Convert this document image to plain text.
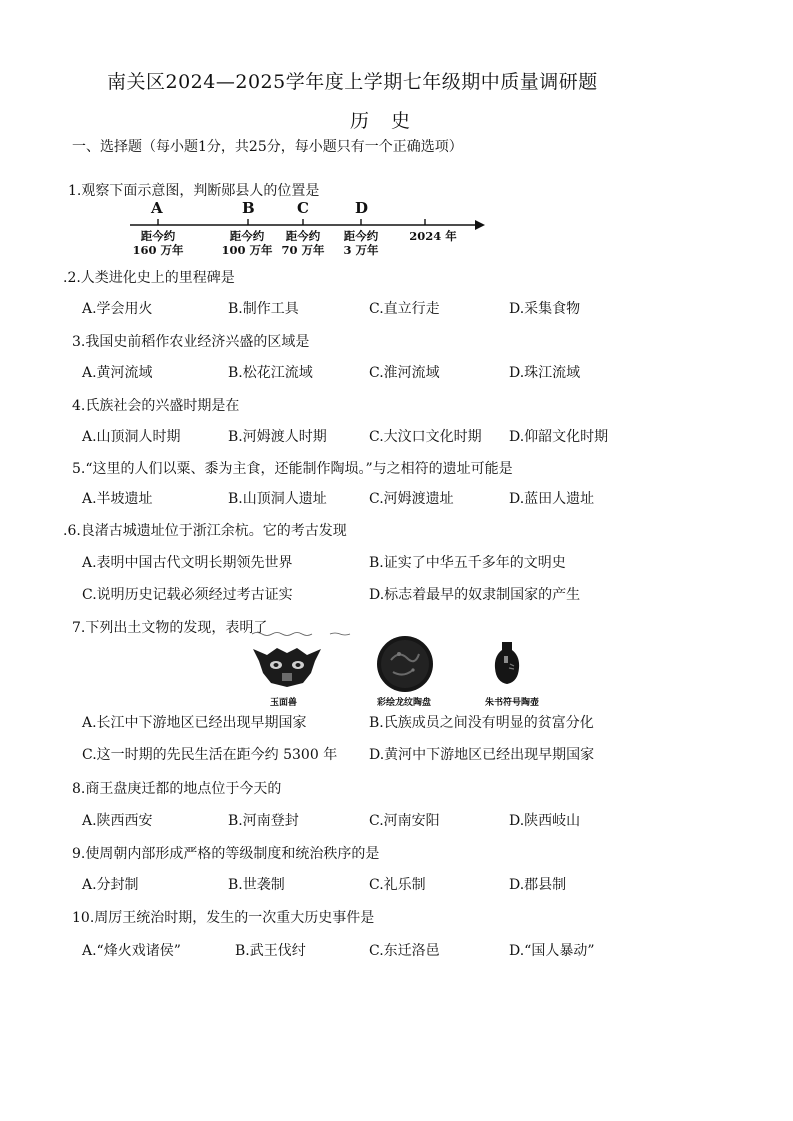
南关区2024—2025学年度上学期七年级期中质量调研题
历 史
一、选择题（每小题1分，共25分，每小题只有一个正确选项）
1.观察下面示意图，判断郧县人的位置是
A	B	C	D
距今约
160 万年
距今约
100 万年
距今约
70 万年
距今约
3 万年
2024 年
.2.人类进化史上的里程碑是
A.学会用火	B.制作工具	C.直立行走	D.采集食物
3.我国史前稻作农业经济兴盛的区域是
A.黄河流域	B.松花江流域	C.淮河流域	D.珠江流域
4.氏族社会的兴盛时期是在
A.山顶洞人时期	B.河姆渡人时期	C.大汶口文化时期 D.仰韶文化时期
5.“这里的人们以粟、黍为主食，还能制作陶埙。”与之相符的遗址可能是
A.半坡遗址	B.山顶洞人遗址	C.河姆渡遗址	D.蓝田人遗址
.6.良渚古城遗址位于浙江余杭。它的考古发现
A.表明中国古代文明长期领先世界	B.证实了中华五千多年的文明史
C.说明历史记载必须经过考古证实	D.标志着最早的奴隶制国家的产生
7.下列出土文物的发现，表明了
玉面兽	彩绘龙纹陶盘	朱书符号陶壶
A.长江中下游地区已经出现早期国家	B.氏族成员之间没有明显的贫富分化
C.这一时期的先民生活在距今约 5300 年 D.黄河中下游地区已经出现早期国家
8.商王盘庚迁都的地点位于今天的
A.陕西西安	B.河南登封	C.河南安阳	D.陕西岐山
9.使周朝内部形成严格的等级制度和统治秩序的是
A.分封制	B.世袭制	C.礼乐制	D.郡县制
10.周厉王统治时期，发生的一次重大历史事件是
A.“烽火戏诸侯”	B.武王伐纣	C.东迁洛邑	D.“国人暴动”
